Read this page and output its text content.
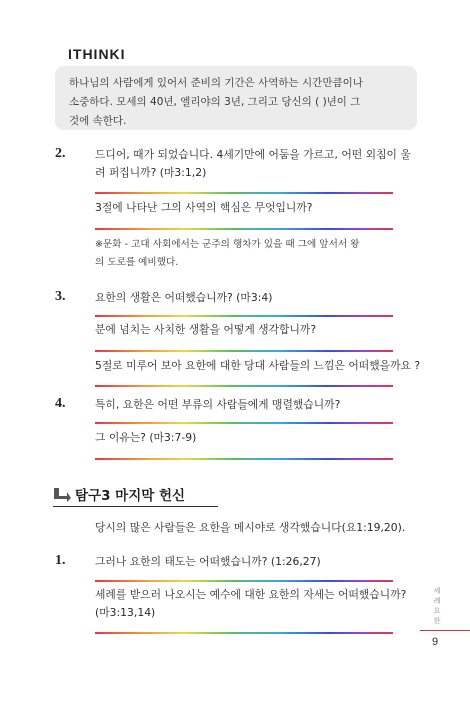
ITHINKI
하나님의 사람에게 있어서 준비의 기간은 사역하는 시간만큼이나
소중하다. 모세의 40년, 엘리야의 3년, 그리고 당신의 ( )년이 그
것에 속한다.
2.	드디어, 때가 되었습니다. 4세기만에 어둠을 가르고, 어떤 외침이 울
려 퍼집니까? (마3:1,2)
3절에 나타난 그의 사역의 핵심은 무엇입니까?
※문화 - 고대 사회에서는 군주의 행차가 있을 때 그에 앞서서 왕
의 도로를 예비했다.
3.	요한의 생활은 어떠했습니까? (마3:4)
분에 넘치는 사치한 생활을 어떻게 생각합니까?
5절로 미루어 보아 요한에 대한 당대 사람들의 느낌은 어떠했을까요 ?
4.	특히, 요한은 어떤 부류의 사람들에게 맹렬했습니까?
그 이유는? (마3:7-9)
탐구3 마지막 헌신
당시의 많은 사람들은 요한을 메시야로 생각했습니다(요1:19,20).
1.	그러나 요한의 태도는 어떠했습니까? (1:26,27)
세례를 받으러 나오시는 예수에 대한 요한의 자세는 어떠했습니까?
(마3:13,14)
세 례 요 한
9
